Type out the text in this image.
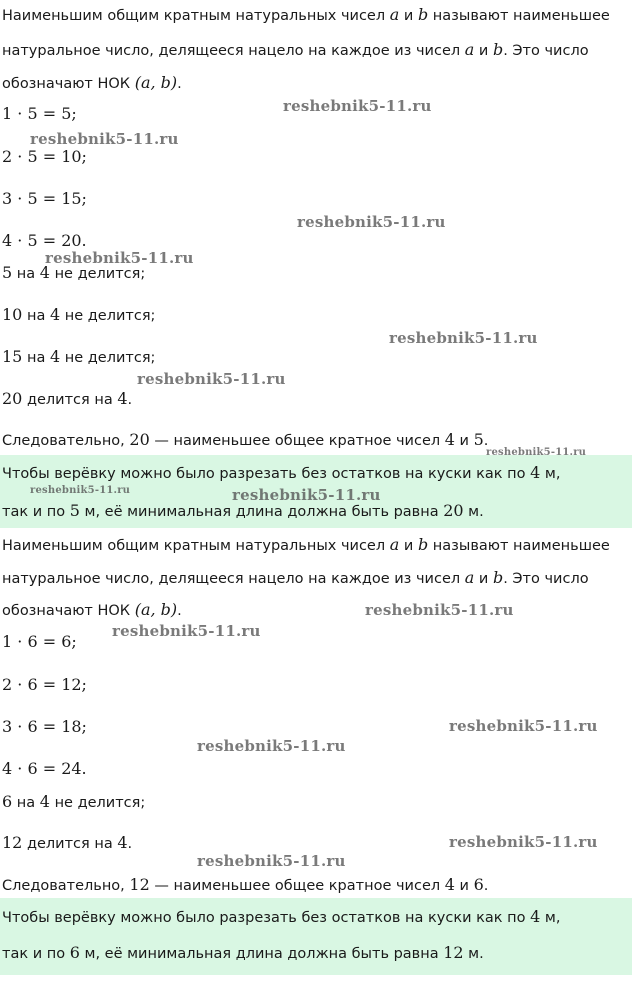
Наименьшим общим кратным натуральных чисел a и b называют наименьшее
натуральное число, делящееся нацело на каждое из чисел a и b. Это число
обозначают НОК (a, b).
1 · 5 = 5;
2 · 5 = 10;
3 · 5 = 15;
4 · 5 = 20.
5 на 4 не делится;
10 на 4 не делится;
15 на 4 не делится;
20 делится на 4.
Следовательно, 20 — наименьшее общее кратное чисел 4 и 5.
Чтобы верёвку можно было разрезать без остатков на куски как по 4 м,
так и по 5 м, её минимальная длина должна быть равна 20 м.
Наименьшим общим кратным натуральных чисел a и b называют наименьшее
натуральное число, делящееся нацело на каждое из чисел a и b. Это число
обозначают НОК (a, b).
1 · 6 = 6;
2 · 6 = 12;
3 · 6 = 18;
4 · 6 = 24.
6 на 4 не делится;
12 делится на 4.
Следовательно, 12 — наименьшее общее кратное чисел 4 и 6.
Чтобы верёвку можно было разрезать без остатков на куски как по 4 м,
так и по 6 м, её минимальная длина должна быть равна 12 м.
reshebnik5-11.ru
reshebnik5-11.ru
reshebnik5-11.ru
reshebnik5-11.ru
reshebnik5-11.ru
reshebnik5-11.ru
reshebnik5-11.ru
reshebnik5-11.ru	reshebnik5-11.ru
reshebnik5-11.ru
reshebnik5-11.ru
reshebnik5-11.ru
reshebnik5-11.ru
reshebnik5-11.ru
reshebnik5-11.ru
